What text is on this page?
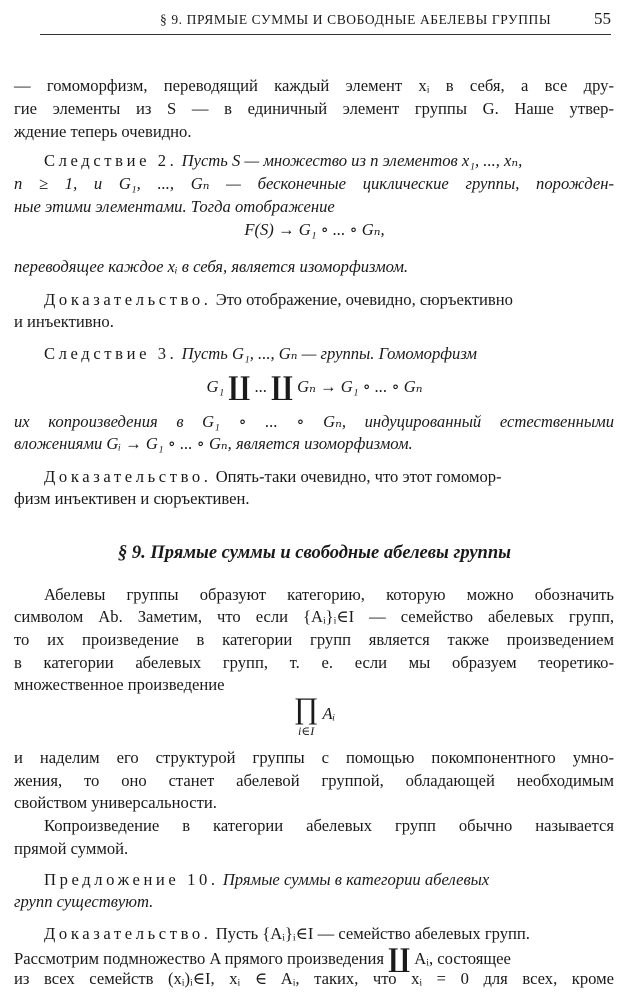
§ 9. ПРЯМЫЕ СУММЫ И СВОБОДНЫЕ АБЕЛЕВЫ ГРУППЫ	55
— гомоморфизм, переводящий каждый элемент xᵢ в себя, а все дру-
гие элементы из S — в единичный элемент группы G. Наше утвер-
ждение теперь очевидно.
Следствие 2. Пусть S — множество из n элементов x₁, ..., xₙ,
n ≥ 1, и G₁, ..., Gₙ — бесконечные циклические группы, порожден-
ные этими элементами. Тогда отображение
F(S) → G₁ ∘ ... ∘ Gₙ,
переводящее каждое xᵢ в себя, является изоморфизмом.
Доказательство. Это отображение, очевидно, сюръективно
и инъективно.
Следствие 3. Пусть G₁, ..., Gₙ — группы. Гомоморфизм
G₁ ∐ ... ∐ Gₙ → G₁ ∘ ... ∘ Gₙ
их копроизведения в G₁ ∘ ... ∘ Gₙ, индуцированный естественными
вложениями Gᵢ → G₁ ∘ ... ∘ Gₙ, является изоморфизмом.
Доказательство. Опять-таки очевидно, что этот гомомор-
физм инъективен и сюръективен.
§ 9. Прямые суммы и свободные абелевы группы
Абелевы группы образуют категорию, которую можно обозначить
символом Ab. Заметим, что если {Aᵢ}ᵢ∈I — семейство абелевых групп,
то их произведение в категории групп является также произведением
в категории абелевых групп, т. е. если мы образуем теоретико-
множественное произведение
∏
i∈I
Aᵢ
и наделим его структурой группы с помощью покомпонентного умно-
жения, то оно станет абелевой группой, обладающей необходимым
свойством универсальности.
Копроизведение в категории абелевых групп обычно называется
прямой суммой.
Предложение 10. Прямые суммы в категории абелевых
групп существуют.
Доказательство. Пусть {Aᵢ}ᵢ∈I — семейство абелевых групп.
Рассмотрим подмножество A прямого произведения ∐ Aᵢ, состоящее
из всех семейств (xᵢ)ᵢ∈I, xᵢ ∈ Aᵢ, таких, что xᵢ = 0 для всех, кроме
